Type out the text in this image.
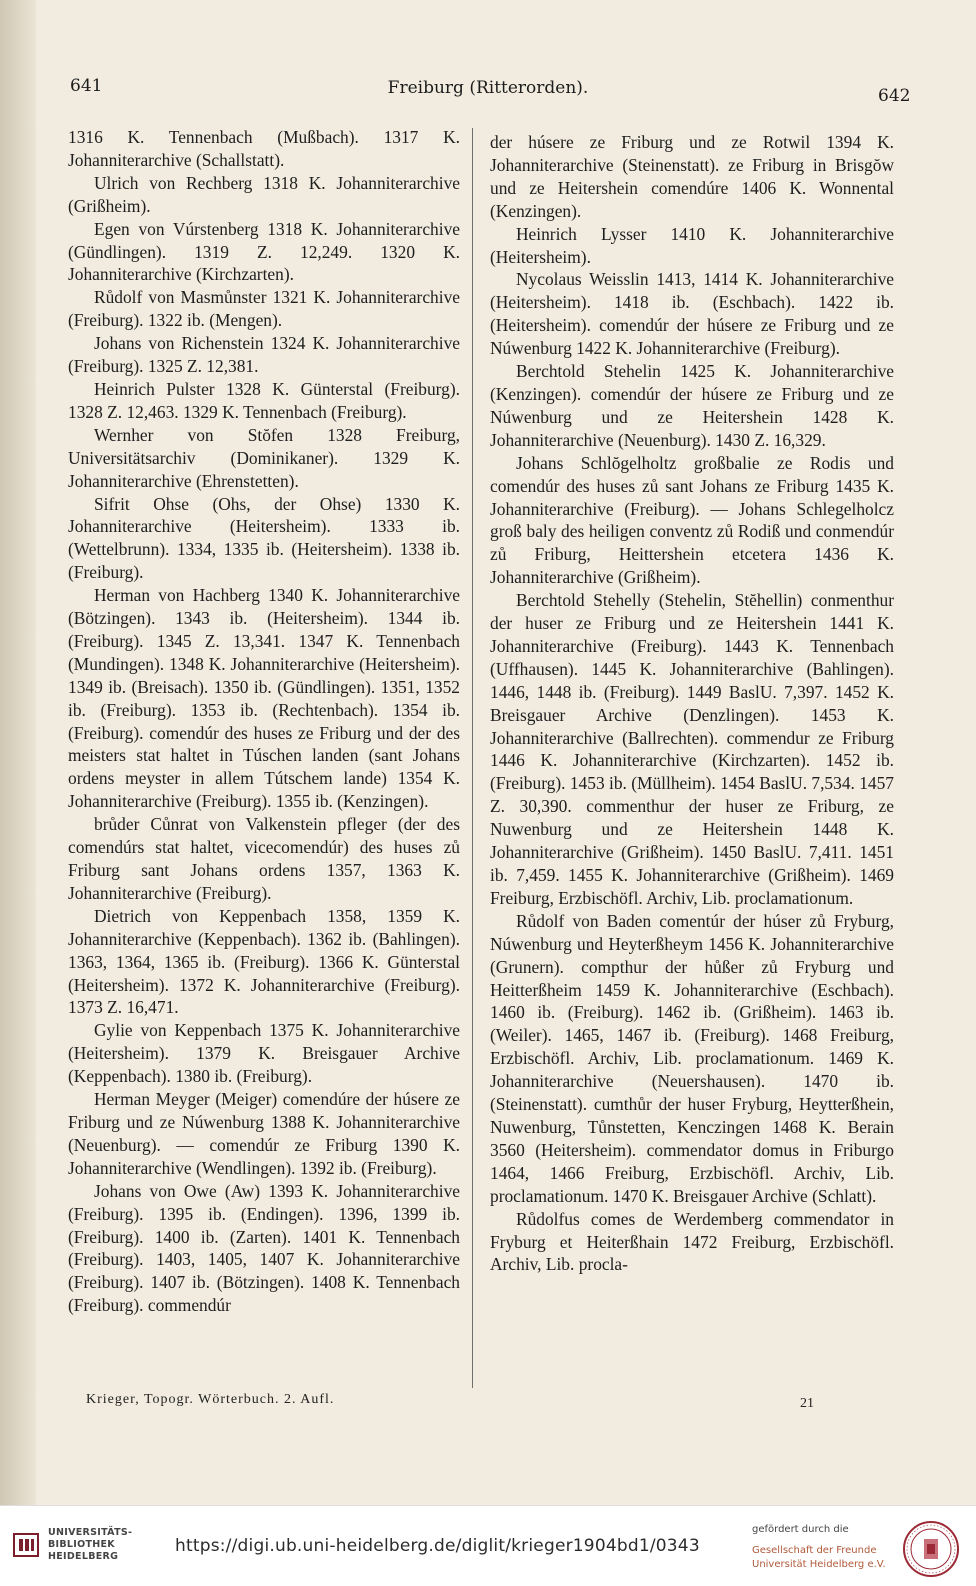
641	Freiburg (Ritterorden).	642

1316 K. Tennenbach (Mußbach). 1317 K. Johanniterarchive (Schallstatt).

Ulrich von Rechberg 1318 K. Johanniterarchive (Grißheim).

Egen von Vúrstenberg 1318 K. Johanniterarchive (Gündlingen). 1319 Z. 12,249. 1320 K. Johanniterarchive (Kirchzarten).

Růdolf von Masmůnster 1321 K. Johanniterarchive (Freiburg). 1322 ib. (Mengen).

Johans von Richenstein 1324 K. Johanniterarchive (Freiburg). 1325 Z. 12,381.

Heinrich Pulster 1328 K. Günterstal (Freiburg). 1328 Z. 12,463. 1329 K. Tennenbach (Freiburg).

Wernher von Stŏfen 1328 Freiburg, Universitätsarchiv (Dominikaner). 1329 K. Johanniterarchive (Ehrenstetten).

Sifrit Ohse (Ohs, der Ohse) 1330 K. Johanniterarchive (Heitersheim). 1333 ib. (Wettelbrunn). 1334, 1335 ib. (Heitersheim). 1338 ib. (Freiburg).

Herman von Hachberg 1340 K. Johanniterarchive (Bötzingen). 1343 ib. (Heitersheim). 1344 ib. (Freiburg). 1345 Z. 13,341. 1347 K. Tennenbach (Mundingen). 1348 K. Johanniterarchive (Heitersheim). 1349 ib. (Breisach). 1350 ib. (Gündlingen). 1351, 1352 ib. (Freiburg). 1353 ib. (Rechtenbach). 1354 ib. (Freiburg). comendúr des huses ze Friburg und der des meisters stat haltet in Túschen landen (sant Johans ordens meyster in allem Tútschem lande) 1354 K. Johanniterarchive (Freiburg). 1355 ib. (Kenzingen).

brůder Cůnrat von Valkenstein pfleger (der des comendúrs stat haltet, vicecomendúr) des huses zů Friburg sant Johans ordens 1357, 1363 K. Johanniterarchive (Freiburg).

Dietrich von Keppenbach 1358, 1359 K. Johanniterarchive (Keppenbach). 1362 ib. (Bahlingen). 1363, 1364, 1365 ib. (Freiburg). 1366 K. Günterstal (Heitersheim). 1372 K. Johanniterarchive (Freiburg). 1373 Z. 16,471.

Gylie von Keppenbach 1375 K. Johanniterarchive (Heitersheim). 1379 K. Breisgauer Archive (Keppenbach). 1380 ib. (Freiburg).

Herman Meyger (Meiger) comendúre der húsere ze Friburg und ze Núwenburg 1388 K. Johanniterarchive (Neuenburg). — comendúr ze Friburg 1390 K. Johanniterarchive (Wendlingen). 1392 ib. (Freiburg).

Johans von Owe (Aw) 1393 K. Johanniterarchive (Freiburg). 1395 ib. (Endingen). 1396, 1399 ib. (Freiburg). 1400 ib. (Zarten). 1401 K. Tennenbach (Freiburg). 1403, 1405, 1407 K. Johanniterarchive (Freiburg). 1407 ib. (Bötzingen). 1408 K. Tennenbach (Freiburg). commendúr

der húsere ze Friburg und ze Rotwil 1394 K. Johanniterarchive (Steinenstatt). ze Friburg in Brisgŏw und ze Heitershein comendúre 1406 K. Wonnental (Kenzingen).

Heinrich Lysser 1410 K. Johanniterarchive (Heitersheim).

Nycolaus Weisslin 1413, 1414 K. Johanniterarchive (Heitersheim). 1418 ib. (Eschbach). 1422 ib. (Heitersheim). comendúr der húsere ze Friburg und ze Núwenburg 1422 K. Johanniterarchive (Freiburg).

Berchtold Stehelin 1425 K. Johanniterarchive (Kenzingen). comendúr der húsere ze Friburg und ze Núwenburg und ze Heitershein 1428 K. Johanniterarchive (Neuenburg). 1430 Z. 16,329.

Johans Schlŏgelholtz großbalie ze Rodis und comendúr des huses zů sant Johans ze Friburg 1435 K. Johanniterarchive (Freiburg). — Johans Schlegelholcz groß baly des heiligen conventz zů Rodiß und conmendúr zů Friburg, Heittershein etcetera 1436 K. Johanniterarchive (Grißheim).

Berchtold Stehelly (Stehelin, Stĕhellin) conmenthur der huser ze Friburg und ze Heitershein 1441 K. Johanniterarchive (Freiburg). 1443 K. Tennenbach (Uffhausen). 1445 K. Johanniterarchive (Bahlingen). 1446, 1448 ib. (Freiburg). 1449 BaslU. 7,397. 1452 K. Breisgauer Archive (Denzlingen). 1453 K. Johanniterarchive (Ballrechten). commendur ze Friburg 1446 K. Johanniterarchive (Kirchzarten). 1452 ib. (Freiburg). 1453 ib. (Müllheim). 1454 BaslU. 7,534. 1457 Z. 30,390. commenthur der huser ze Friburg, ze Nuwenburg und ze Heitershein 1448 K. Johanniterarchive (Grißheim). 1450 BaslU. 7,411. 1451 ib. 7,459. 1455 K. Johanniterarchive (Grißheim). 1469 Freiburg, Erzbischöfl. Archiv, Lib. proclamationum.

Růdolf von Baden comentúr der húser zů Fryburg, Núwenburg und Heyterßheym 1456 K. Johanniterarchive (Grunern). compthur der hůßer zů Fryburg und Heitterßheim 1459 K. Johanniterarchive (Eschbach). 1460 ib. (Freiburg). 1462 ib. (Grißheim). 1463 ib. (Weiler). 1465, 1467 ib. (Freiburg). 1468 Freiburg, Erzbischöfl. Archiv, Lib. proclamationum. 1469 K. Johanniterarchive (Neuershausen). 1470 ib. (Steinenstatt). cumthůr der huser Fryburg, Heytterßhein, Nuwenburg, Tůnstetten, Kenczingen 1468 K. Berain 3560 (Heitersheim). commendator domus in Friburgo 1464, 1466 Freiburg, Erzbischöfl. Archiv, Lib. proclamationum. 1470 K. Breisgauer Archive (Schlatt).

Růdolfus comes de Werdemberg commendator in Fryburg et Heiterßhain 1472 Freiburg, Erzbischöfl. Archiv, Lib. procla-

Krieger, Topogr. Wörterbuch. 2. Aufl.	21
UNIVERSITÄTS-
BIBLIOTHEK
HEIDELBERG
https://digi.ub.uni-heidelberg.de/diglit/krieger1904bd1/0343
gefördert durch die
Gesellschaft der Freunde
Universität Heidelberg e.V.
